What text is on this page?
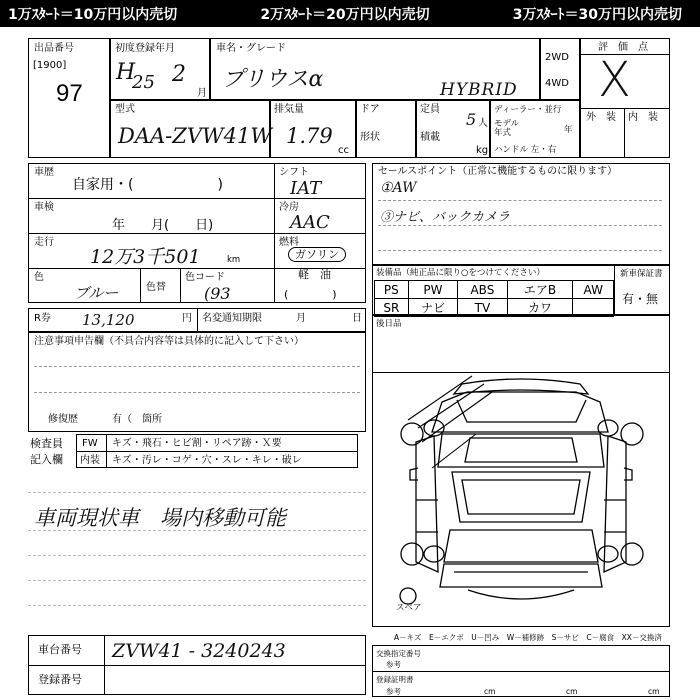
1万ｽﾀｰﾄ＝10万円以内売切	2万ｽﾀｰﾄ＝20万円以内売切	3万ｽﾀｰﾄ＝30万円以内売切
出品番号
[1900]
97
初度登録年月
H
25 2
月
車名・グレード
プリウスα	HYBRID
2WD
4WD
評　価　点
X
外　装 内　装
型式
DAA-ZVW41W
排気量
1.79
cc
ドア
形状
定員
5 人
積載
kg
ディーラー・並行
モデル
年式	年
ハンドル 左・右
車歴
自家用・(　　　　　　)
車検
年　　月(　　日)
走行
12万3千501	km
色
ブルー	色替
色コード
(93
シフト
IAT
冷房
AAC
燃料
ガソリン
軽　油
(　　　　)
セールスポイント（正常に機能するものに限ります）
①AW
③ナビ、バックカメラ
装備品（純正品に限り○をつけてください）
PS	PW	ABS	エアB	AW
SR	ナビ	TV	カワ	
新車保証書
有・無
R券 13,120	円 名変通知期限	月	日 後日品
注意事項申告欄（不具合内容等は具体的に記入して下さい）
修復歴	有（　箇所
検査員
記入欄
FW キズ・飛石・ヒビ割・リペア跡・Ｘ要
内装 キズ・汚レ・コゲ・穴・スレ・キレ・破レ
車両現状車　場内移動可能
車台番号 ZVW41 - 3240243
登録番号
スペア
A－キズ　E－エクボ　U－凹み　W－補修跡　S－サビ　C－腐食　XX－交換済
交換指定番号
参考
登録証明書
参考	cm	cm	cm
